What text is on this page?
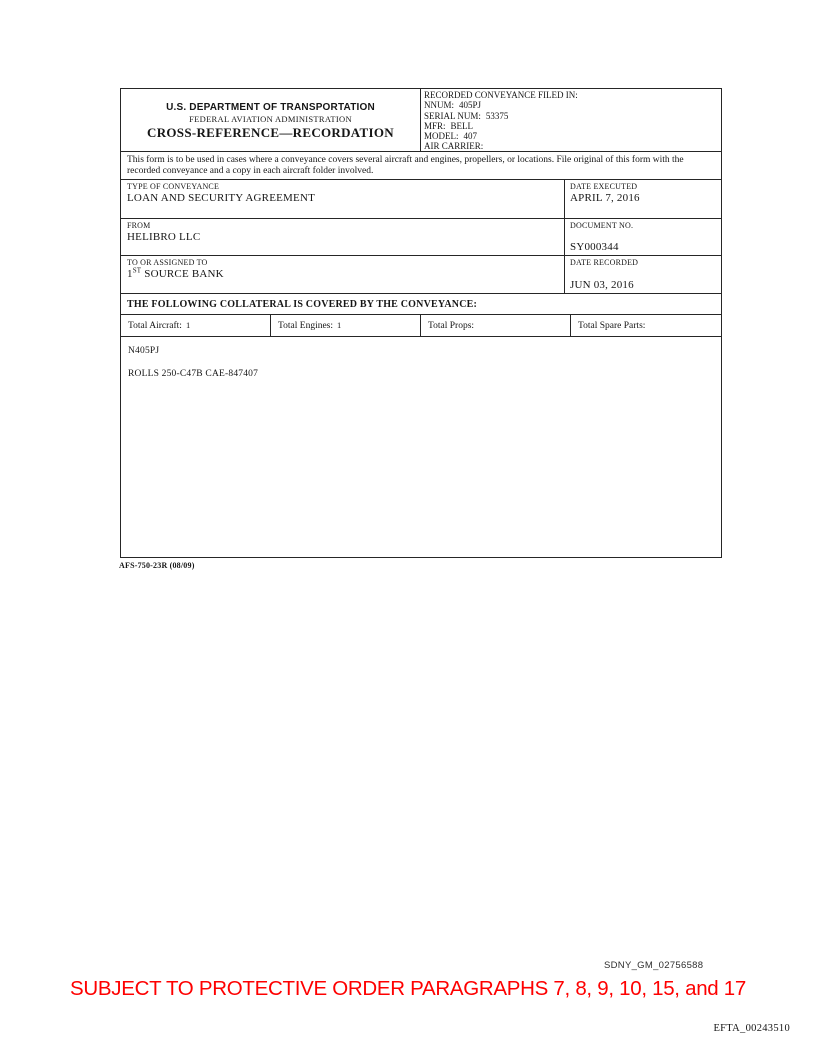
U.S. DEPARTMENT OF TRANSPORTATION
FEDERAL AVIATION ADMINISTRATION
CROSS-REFERENCE—RECORDATION
RECORDED CONVEYANCE FILED IN:
NNUM: 405PJ
SERIAL NUM: 53375
MFR: BELL
MODEL: 407
AIR CARRIER:
This form is to be used in cases where a conveyance covers several aircraft and engines, propellers, or locations. File original of this form with the recorded conveyance and a copy in each aircraft folder involved.
TYPE OF CONVEYANCE
LOAN AND SECURITY AGREEMENT
DATE EXECUTED
APRIL 7, 2016
FROM
HELIBRO LLC
DOCUMENT NO.
SY000344
TO OR ASSIGNED TO
1ST SOURCE BANK
DATE RECORDED
JUN 03, 2016
THE FOLLOWING COLLATERAL IS COVERED BY THE CONVEYANCE:
Total Aircraft: 1	Total Engines: 1	Total Props:	Total Spare Parts:
N405PJ
ROLLS 250-C47B CAE-847407
AFS-750-23R (08/09)
SDNY_GM_02756588
SUBJECT TO PROTECTIVE ORDER PARAGRAPHS 7, 8, 9, 10, 15, and 17
EFTA_00243510
